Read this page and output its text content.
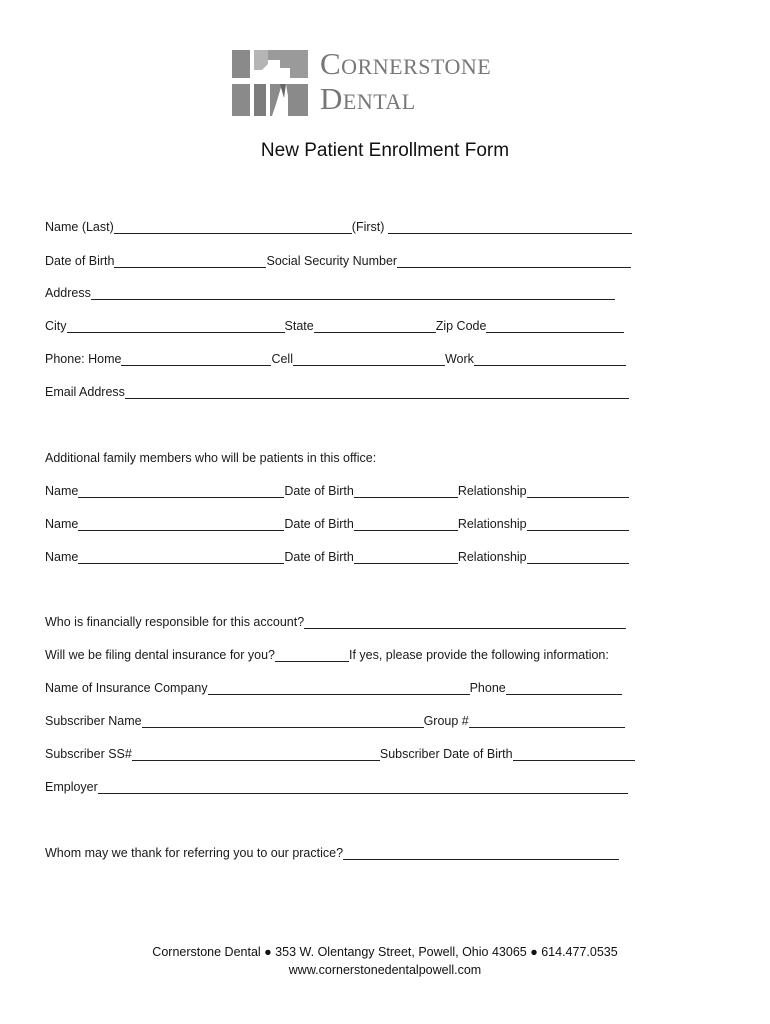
Cornerstone
Dental
New Patient Enrollment Form
Name (Last)	(First)
Date of Birth	Social Security Number
Address
City	State	Zip Code
Phone: Home	Cell	Work
Email Address
Additional family members who will be patients in this office:
Name	Date of Birth	Relationship
Name	Date of Birth	Relationship
Name	Date of Birth	Relationship
Who is financially responsible for this account?
Will we be filing dental insurance for you?	If yes, please provide the following information:
Name of Insurance Company	Phone
Subscriber Name	Group #
Subscriber SS#	Subscriber Date of Birth
Employer
Whom may we thank for referring you to our practice?
Cornerstone Dental ● 353 W. Olentangy Street, Powell, Ohio 43065 ● 614.477.0535
www.cornerstonedentalpowell.com
